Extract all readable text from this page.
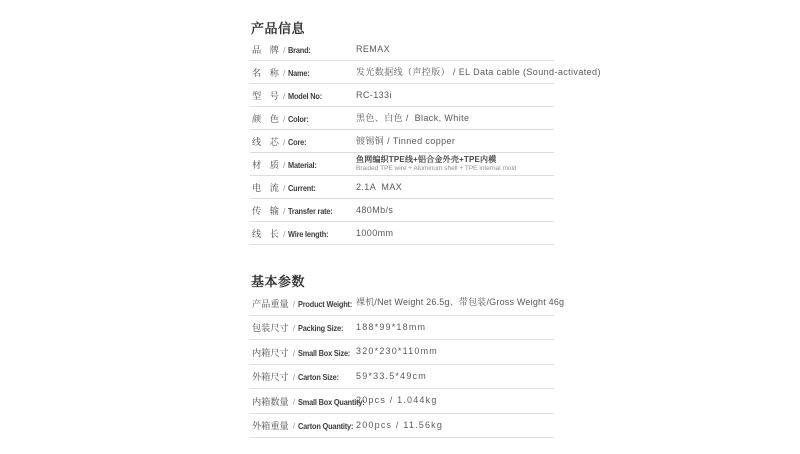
产品信息
品牌 / Brand:	REMAX
名称 / Name:	发光数据线（声控版） / EL Data cable (Sound-activated)
型号 / Model No:	RC-133i
颜色 / Color:	黑色、白色 /  Black, White
线芯 / Core:	镀锡铜 / Tinned copper
材质 / Material:
鱼网编织TPE线+铝合金外壳+TPE内模
Braided TPE wire + Aluminum shell + TPE internal mold
电流 / Current:	2.1A  MAX
传输 / Transfer rate:	480Mb/s
线长 / Wire length:	1000mm
基本参数
产品重量 / Product Weight: 裸机/Net Weight 26.5g、带包装/Gross Weight 46g
包装尺寸 / Packing Size: 188*99*18mm
内箱尺寸 / Small Box Size: 320*230*110mm
外箱尺寸 / Carton Size: 59*33.5*49cm
内箱数量 / Small Box Quantity:
20pcs / 1.044kg
外箱重量 / Carton Quantity: 200pcs / 11.56kg
